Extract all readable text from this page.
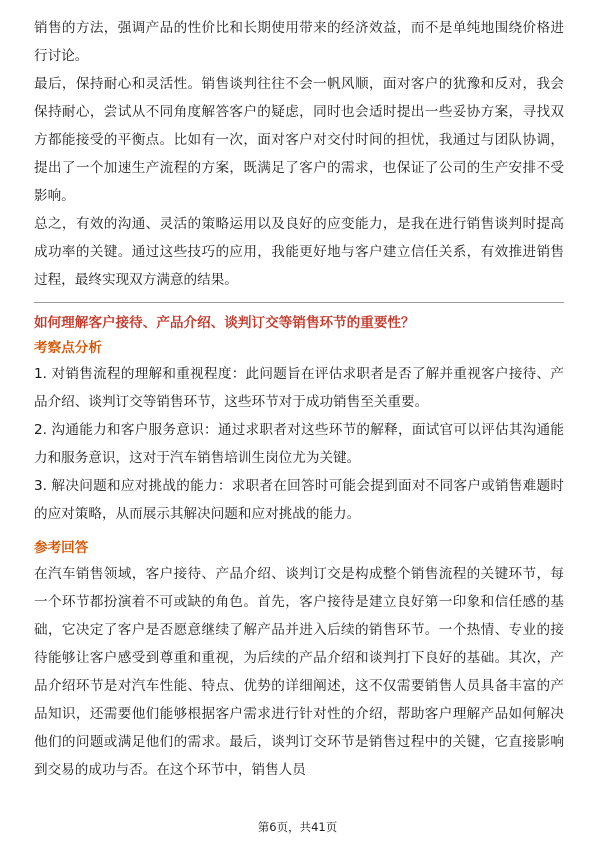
销售的方法，强调产品的性价比和长期使用带来的经济效益，而不是单纯地围绕价格进行讨论。

最后，保持耐心和灵活性。销售谈判往往不会一帆风顺，面对客户的犹豫和反对，我会保持耐心，尝试从不同角度解答客户的疑虑，同时也会适时提出一些妥协方案，寻找双方都能接受的平衡点。比如有一次，面对客户对交付时间的担忧，我通过与团队协调，提出了一个加速生产流程的方案，既满足了客户的需求，也保证了公司的生产安排不受影响。

总之，有效的沟通、灵活的策略运用以及良好的应变能力，是我在进行销售谈判时提高成功率的关键。通过这些技巧的应用，我能更好地与客户建立信任关系，有效推进销售过程，最终实现双方满意的结果。

如何理解客户接待、产品介绍、谈判订交等销售环节的重要性？

考察点分析

1. 对销售流程的理解和重视程度：此问题旨在评估求职者是否了解并重视客户接待、产品介绍、谈判订交等销售环节，这些环节对于成功销售至关重要。

2. 沟通能力和客户服务意识：通过求职者对这些环节的解释，面试官可以评估其沟通能力和服务意识，这对于汽车销售培训生岗位尤为关键。

3. 解决问题和应对挑战的能力：求职者在回答时可能会提到面对不同客户或销售难题时的应对策略，从而展示其解决问题和应对挑战的能力。

参考回答

在汽车销售领域，客户接待、产品介绍、谈判订交是构成整个销售流程的关键环节，每一个环节都扮演着不可或缺的角色。首先，客户接待是建立良好第一印象和信任感的基础，它决定了客户是否愿意继续了解产品并进入后续的销售环节。一个热情、专业的接待能够让客户感受到尊重和重视，为后续的产品介绍和谈判打下良好的基础。其次，产品介绍环节是对汽车性能、特点、优势的详细阐述，这不仅需要销售人员具备丰富的产品知识，还需要他们能够根据客户需求进行针对性的介绍，帮助客户理解产品如何解决他们的问题或满足他们的需求。最后，谈判订交环节是销售过程中的关键，它直接影响到交易的成功与否。在这个环节中，销售人员

第6页，共41页
